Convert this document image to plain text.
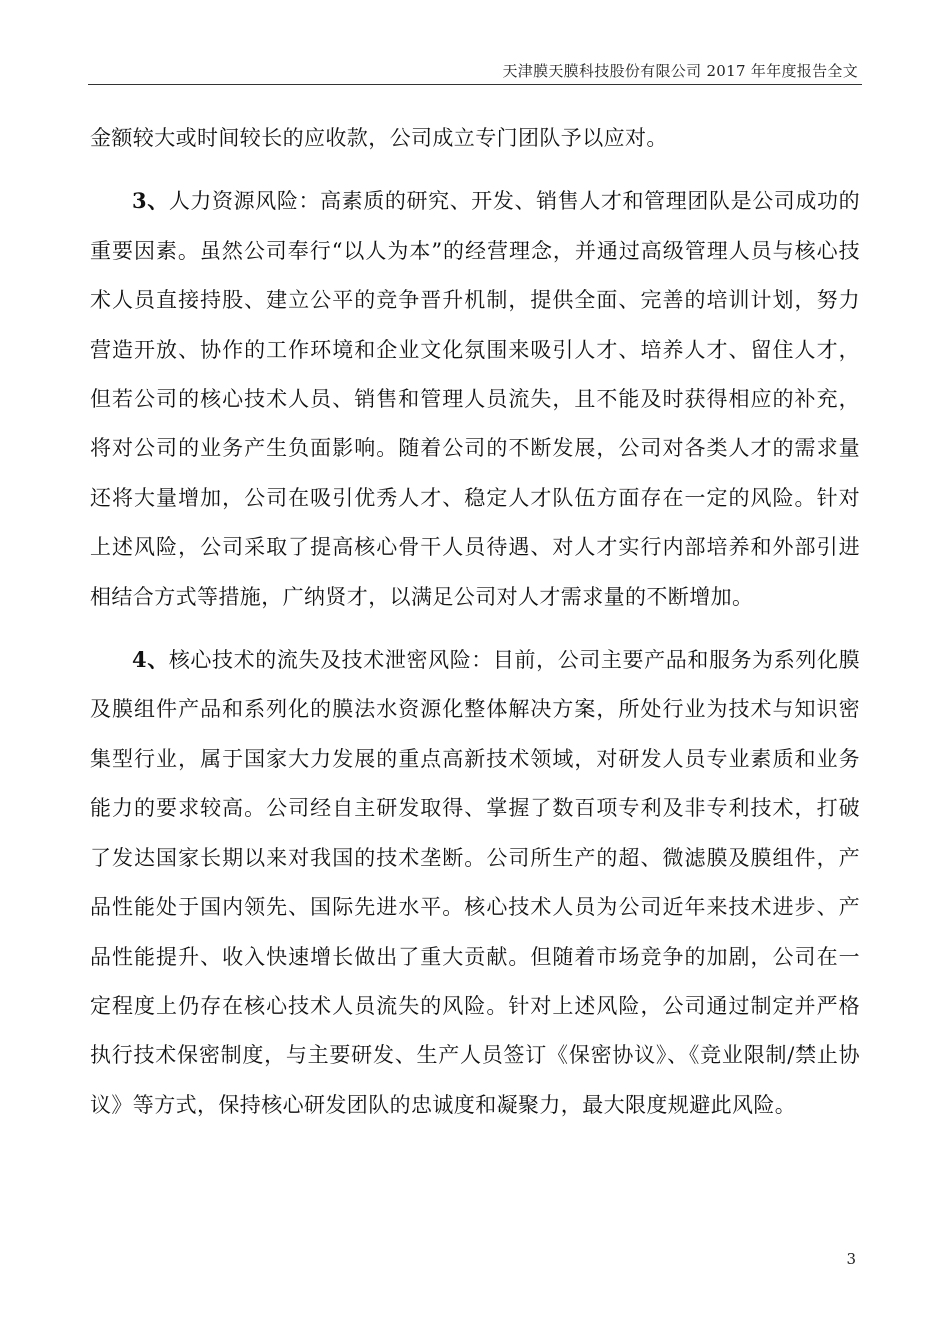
天津膜天膜科技股份有限公司 2017 年年度报告全文

金额较大或时间较长的应收款，公司成立专门团队予以应对。

3、人力资源风险：高素质的研究、开发、销售人才和管理团队是公司成功的重要因素。虽然公司奉行“以人为本”的经营理念，并通过高级管理人员与核心技术人员直接持股、建立公平的竞争晋升机制，提供全面、完善的培训计划，努力营造开放、协作的工作环境和企业文化氛围来吸引人才、培养人才、留住人才，但若公司的核心技术人员、销售和管理人员流失，且不能及时获得相应的补充，将对公司的业务产生负面影响。随着公司的不断发展，公司对各类人才的需求量还将大量增加，公司在吸引优秀人才、稳定人才队伍方面存在一定的风险。针对上述风险，公司采取了提高核心骨干人员待遇、对人才实行内部培养和外部引进相结合方式等措施，广纳贤才，以满足公司对人才需求量的不断增加。

4、核心技术的流失及技术泄密风险：目前，公司主要产品和服务为系列化膜及膜组件产品和系列化的膜法水资源化整体解决方案，所处行业为技术与知识密集型行业，属于国家大力发展的重点高新技术领域，对研发人员专业素质和业务能力的要求较高。公司经自主研发取得、掌握了数百项专利及非专利技术，打破了发达国家长期以来对我国的技术垄断。公司所生产的超、微滤膜及膜组件，产品性能处于国内领先、国际先进水平。核心技术人员为公司近年来技术进步、产品性能提升、收入快速增长做出了重大贡献。但随着市场竞争的加剧，公司在一定程度上仍存在核心技术人员流失的风险。针对上述风险，公司通过制定并严格执行技术保密制度，与主要研发、生产人员签订《保密协议》、《竞业限制/禁止协议》等方式，保持核心研发团队的忠诚度和凝聚力，最大限度规避此风险。

3
